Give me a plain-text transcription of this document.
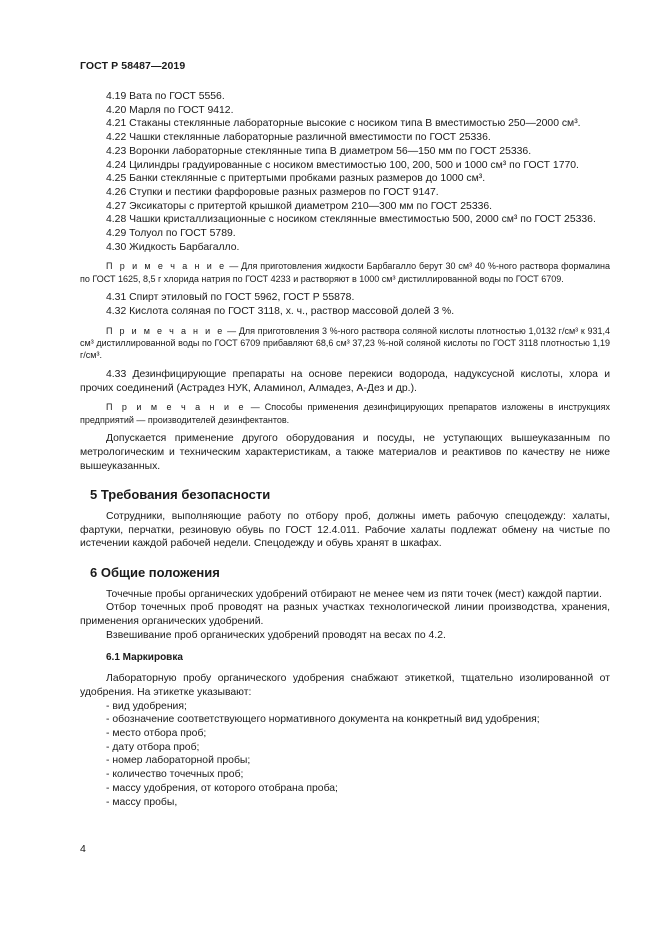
ГОСТ Р 58487—2019

4.19 Вата по ГОСТ 5556.

4.20 Марля по ГОСТ 9412.

4.21 Стаканы стеклянные лабораторные высокие с носиком типа В вместимостью 250—2000 см³.

4.22 Чашки стеклянные лабораторные различной вместимости по ГОСТ 25336.

4.23 Воронки лабораторные стеклянные типа В диаметром 56—150 мм по ГОСТ 25336.

4.24 Цилиндры градуированные с носиком вместимостью 100, 200, 500 и 1000 см³ по ГОСТ 1770.

4.25 Банки стеклянные с притертыми пробками разных размеров до 1000 см³.

4.26 Ступки и пестики фарфоровые разных размеров по ГОСТ 9147.

4.27 Эксикаторы с притертой крышкой диаметром 210—300 мм по ГОСТ 25336.

4.28 Чашки кристаллизационные с носиком стеклянные вместимостью 500, 2000 см³ по ГОСТ 25336.

4.29 Толуол по ГОСТ 5789.

4.30 Жидкость Барбагалло.

П р и м е ч а н и е — Для приготовления жидкости Барбагалло берут 30 см³ 40 %-ного раствора формалина по ГОСТ 1625, 8,5 г хлорида натрия по ГОСТ 4233 и растворяют в 1000 см³ дистиллированной воды по ГОСТ 6709.

4.31 Спирт этиловый по ГОСТ 5962, ГОСТ Р 55878.

4.32 Кислота соляная по ГОСТ 3118, х. ч., раствор массовой долей 3 %.

П р и м е ч а н и е — Для приготовления 3 %-ного раствора соляной кислоты плотностью 1,0132 г/см³ к 931,4 см³ дистиллированной воды по ГОСТ 6709 прибавляют 68,6 см³ 37,23 %-ной соляной кислоты по ГОСТ 3118 плотностью 1,19 г/см³.

4.33 Дезинфицирующие препараты на основе перекиси водорода, надуксусной кислоты, хлора и прочих соединений (Астрадез НУК, Аламинол, Алмадез, А-Дез и др.).

П р и м е ч а н и е — Способы применения дезинфицирующих препаратов изложены в инструкциях предприятий — производителей дезинфектантов.

Допускается применение другого оборудования и посуды, не уступающих вышеуказанным по метрологическим и техническим характеристикам, а также материалов и реактивов по качеству не ниже вышеуказанных.

5 Требования безопасности

Сотрудники, выполняющие работу по отбору проб, должны иметь рабочую спецодежду: халаты, фартуки, перчатки, резиновую обувь по ГОСТ 12.4.011. Рабочие халаты подлежат обмену на чистые по истечении каждой рабочей недели. Спецодежду и обувь хранят в шкафах.

6 Общие положения

Точечные пробы органических удобрений отбирают не менее чем из пяти точек (мест) каждой партии.

Отбор точечных проб проводят на разных участках технологической линии производства, хранения, применения органических удобрений.

Взвешивание проб органических удобрений проводят на весах по 4.2.

6.1 Маркировка

Лабораторную пробу органического удобрения снабжают этикеткой, тщательно изолированной от удобрения. На этикетке указывают:

- вид удобрения;

- обозначение соответствующего нормативного документа на конкретный вид удобрения;

- место отбора проб;

- дату отбора проб;

- номер лабораторной пробы;

- количество точечных проб;

- массу удобрения, от которого отобрана проба;

- массу пробы,

4
